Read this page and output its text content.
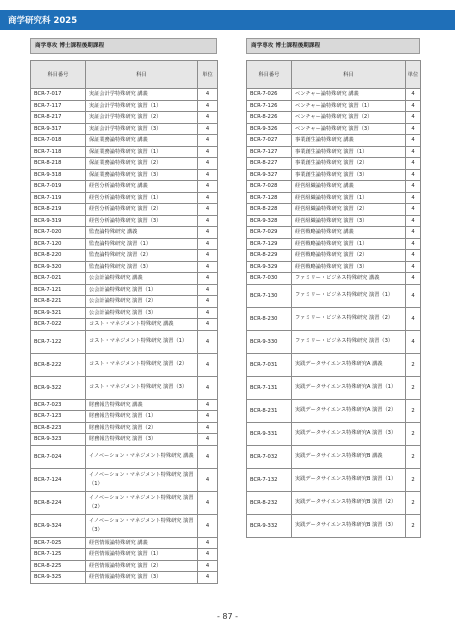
商学研究科 2025
商学専攻 博士課程後期課程
科目番号	科目	単位
BCR-7-017	実証会計学特殊研究 講義	4
BCR-7-117	実証会計学特殊研究 演習（1）	4
BCR-8-217	実証会計学特殊研究 演習（2）	4
BCR-9-317	実証会計学特殊研究 演習（3）	4
BCR-7-018	保証業務論特殊研究 講義	4
BCR-7-118	保証業務論特殊研究 演習（1）	4
BCR-8-218	保証業務論特殊研究 演習（2）	4
BCR-9-318	保証業務論特殊研究 演習（3）	4
BCR-7-019	経営分析論特殊研究 講義	4
BCR-7-119	経営分析論特殊研究 演習（1）	4
BCR-8-219	経営分析論特殊研究 演習（2）	4
BCR-9-319	経営分析論特殊研究 演習（3）	4
BCR-7-020	監査論特殊研究 講義	4
BCR-7-120	監査論特殊研究 演習（1）	4
BCR-8-220	監査論特殊研究 演習（2）	4
BCR-9-320	監査論特殊研究 演習（3）	4
BCR-7-021	公会計論特殊研究 講義	4
BCR-7-121	公会計論特殊研究 演習（1）	4
BCR-8-221	公会計論特殊研究 演習（2）	4
BCR-9-321	公会計論特殊研究 演習（3）	4
BCR-7-022	コスト・マネジメント特殊研究 講義	4
BCR-7-122	コスト・マネジメント特殊研究 演習（1）	4
BCR-8-222	コスト・マネジメント特殊研究 演習（2）	4
BCR-9-322	コスト・マネジメント特殊研究 演習（3）	4
BCR-7-023	財務報告特殊研究 講義	4
BCR-7-123	財務報告特殊研究 演習（1）	4
BCR-8-223	財務報告特殊研究 演習（2）	4
BCR-9-323	財務報告特殊研究 演習（3）	4
BCR-7-024	イノベーション・マネジメント特殊研究 講義	4
BCR-7-124	イノベーション・マネジメント特殊研究 演習（1）	4
BCR-8-224	イノベーション・マネジメント特殊研究 演習（2）	4
BCR-9-324	イノベーション・マネジメント特殊研究 演習（3）	4
BCR-7-025	経営情報論特殊研究 講義	4
BCR-7-125	経営情報論特殊研究 演習（1）	4
BCR-8-225	経営情報論特殊研究 演習（2）	4
BCR-9-325	経営情報論特殊研究 演習（3）	4
商学専攻 博士課程後期課程
科目番号	科目	単位
BCR-7-026	ベンチャー論特殊研究 講義	4
BCR-7-126	ベンチャー論特殊研究 演習（1）	4
BCR-8-226	ベンチャー論特殊研究 演習（2）	4
BCR-9-326	ベンチャー論特殊研究 演習（3）	4
BCR-7-027	事業創生論特殊研究 講義	4
BCR-7-127	事業創生論特殊研究 演習（1）	4
BCR-8-227	事業創生論特殊研究 演習（2）	4
BCR-9-327	事業創生論特殊研究 演習（3）	4
BCR-7-028	経営組織論特殊研究 講義	4
BCR-7-128	経営組織論特殊研究 演習（1）	4
BCR-8-228	経営組織論特殊研究 演習（2）	4
BCR-9-328	経営組織論特殊研究 演習（3）	4
BCR-7-029	経営戦略論特殊研究 講義	4
BCR-7-129	経営戦略論特殊研究 演習（1）	4
BCR-8-229	経営戦略論特殊研究 演習（2）	4
BCR-9-329	経営戦略論特殊研究 演習（3）	4
BCR-7-030	ファミリー・ビジネス特殊研究 講義	4
BCR-7-130	ファミリー・ビジネス特殊研究 演習（1）	4
BCR-8-230	ファミリー・ビジネス特殊研究 演習（2）	4
BCR-9-330	ファミリー・ビジネス特殊研究 演習（3）	4
BCR-7-031	実践データサイエンス特殊研究A 講義	2
BCR-7-131	実践データサイエンス特殊研究A 演習（1）	2
BCR-8-231	実践データサイエンス特殊研究A 演習（2）	2
BCR-9-331	実践データサイエンス特殊研究A 演習（3）	2
BCR-7-032	実践データサイエンス特殊研究B 講義	2
BCR-7-132	実践データサイエンス特殊研究B 演習（1）	2
BCR-8-232	実践データサイエンス特殊研究B 演習（2）	2
BCR-9-332	実践データサイエンス特殊研究B 演習（3）	2
- 87 -
